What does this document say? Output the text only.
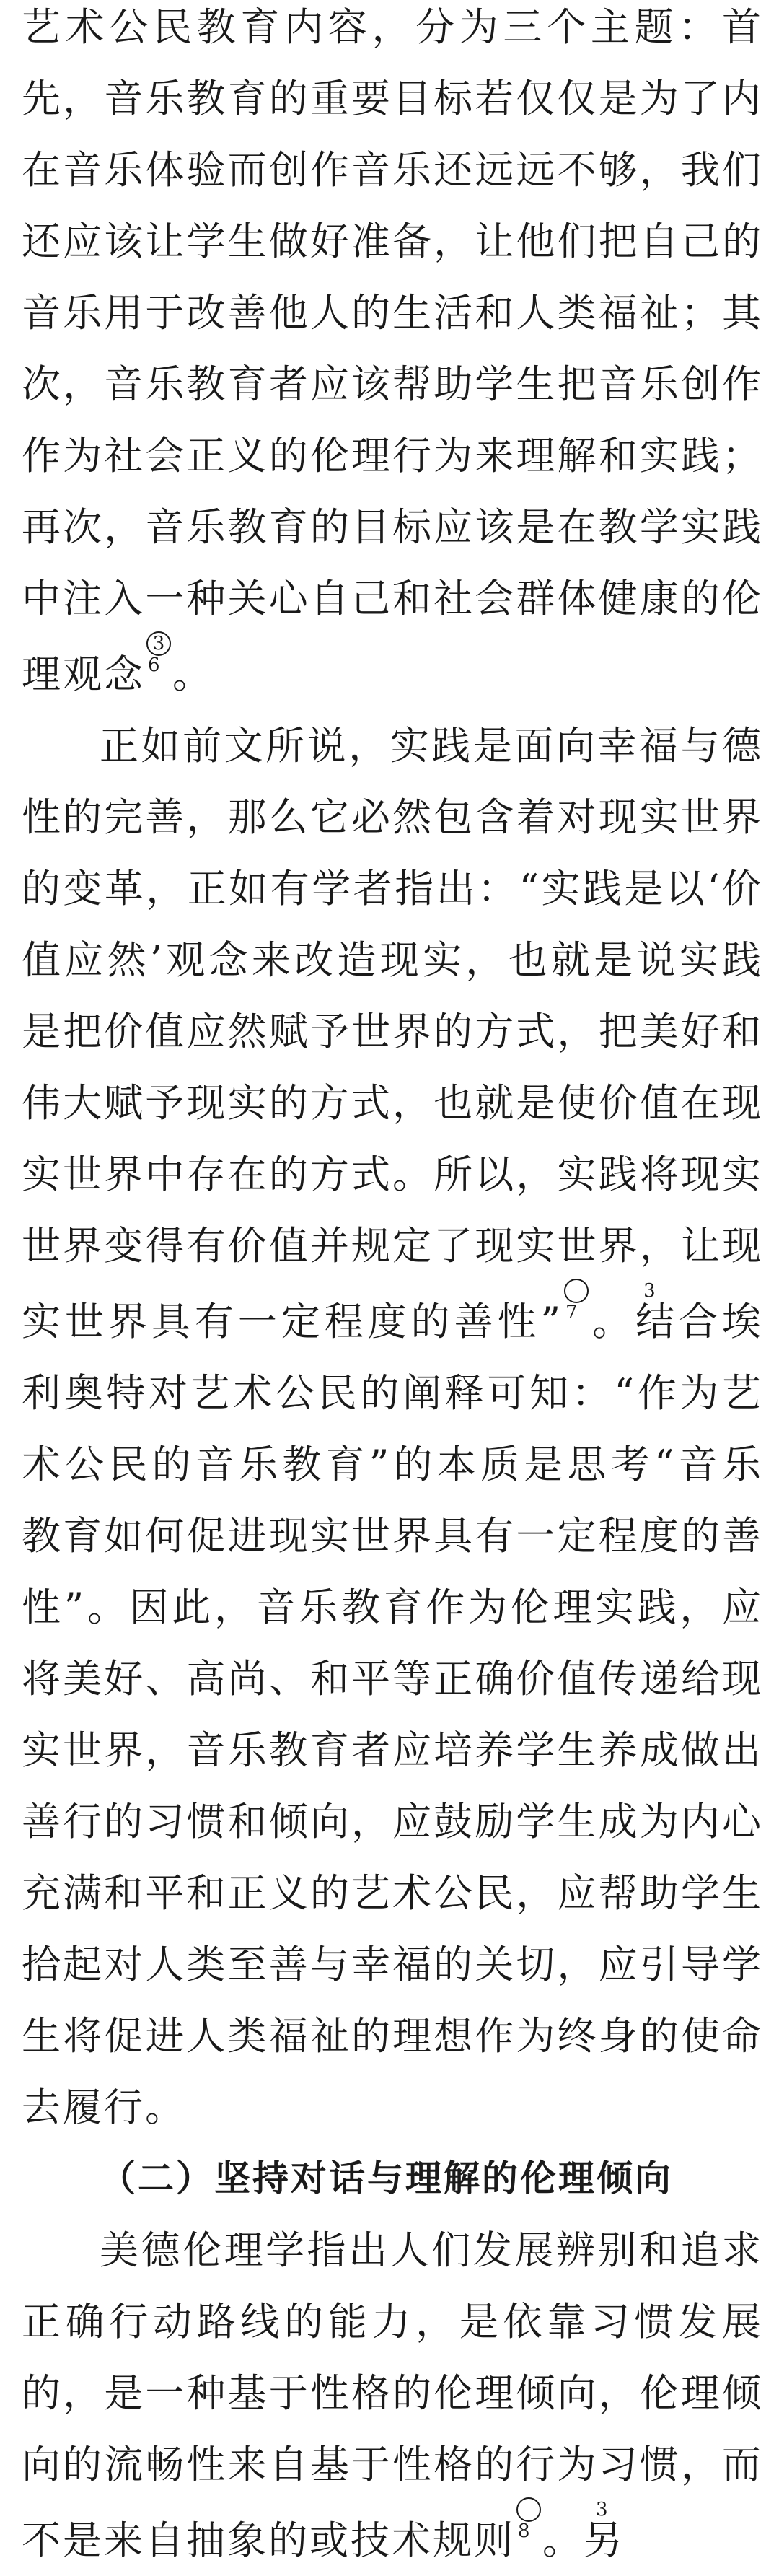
艺术公民教育内容，分为三个主题：首先，音乐教育的重要目标若仅仅是为了内在音乐体验而创作音乐还远远不够，我们还应该让学生做好准备，让他们把自己的音乐用于改善他人的生活和人类福祉；其次，音乐教育者应该帮助学生把音乐创作作为社会正义的伦理行为来理解和实践；再次，音乐教育的目标应该是在教学实践中注入一种关心自己和社会群体健康的伦理观念$^{36}$ 。

正如前文所说，实践是面向幸福与德性的完善，那么它必然包含着对现实世界的变革，正如有学者指出：“实践是以‘价值应然’观念来改造现实，也就是说实践是把价值应然赋予世界的方式，把美好和伟大赋予现实的方式，也就是使价值在现实世界中存在的方式。所以，实践将现实世界变得有价值并规定了现实世界，让现实世界具有一定程度的善性”$^{37}$ 。结合埃利奥特对艺术公民的阐释可知：“作为艺术公民的音乐教育”的本质是思考“音乐教育如何促进现实世界具有一定程度的善性”。因此，音乐教育作为伦理实践，应将美好、高尚、和平等正确价值传递给现实世界，音乐教育者应培养学生养成做出善行的习惯和倾向，应鼓励学生成为内心充满和平和正义的艺术公民，应帮助学生拾起对人类至善与幸福的关切，应引导学生将促进人类福祉的理想作为终身的使命去履行。

（二）坚持对话与理解的伦理倾向

美德伦理学指出人们发展辨别和追求正确行动路线的能力，是依靠习惯发展的，是一种基于性格的伦理倾向，伦理倾向的流畅性来自基于性格的行为习惯，而不是来自抽象的或技术规则$^{38}$ 。另
